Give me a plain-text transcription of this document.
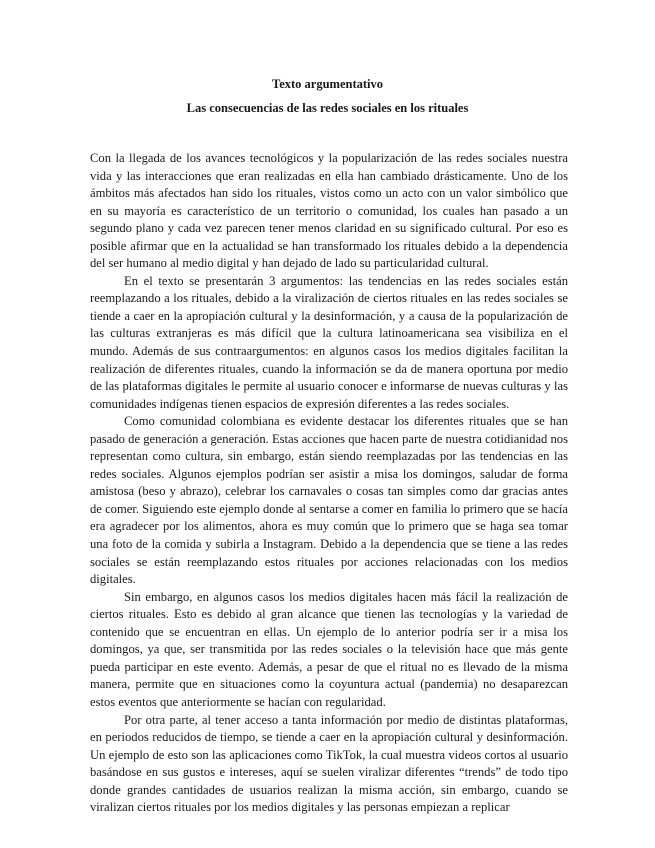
Texto argumentativo
Las consecuencias de las redes sociales en los rituales

Con la llegada de los avances tecnológicos y la popularización de las redes sociales nuestra vida y las interacciones que eran realizadas en ella han cambiado drásticamente. Uno de los ámbitos más afectados han sido los rituales, vistos como un acto con un valor simbólico que en su mayoría es característico de un territorio o comunidad, los cuales han pasado a un segundo plano y cada vez parecen tener menos claridad en su significado cultural. Por eso es posible afirmar que en la actualidad se han transformado los rituales debido a la dependencia del ser humano al medio digital y han dejado de lado su particularidad cultural.

En el texto se presentarán 3 argumentos: las tendencias en las redes sociales están reemplazando a los rituales, debido a la viralización de ciertos rituales en las redes sociales se tiende a caer en la apropiación cultural y la desinformación, y a causa de la popularización de las culturas extranjeras es más difícil que la cultura latinoamericana sea visibiliza en el mundo. Además de sus contraargumentos: en algunos casos los medios digitales facilitan la realización de diferentes rituales, cuando la información se da de manera oportuna por medio de las plataformas digitales le permite al usuario conocer e informarse de nuevas culturas y las comunidades indígenas tienen espacios de expresión diferentes a las redes sociales.

Como comunidad colombiana es evidente destacar los diferentes rituales que se han pasado de generación a generación. Estas acciones que hacen parte de nuestra cotidianidad nos representan como cultura, sin embargo, están siendo reemplazadas por las tendencias en las redes sociales. Algunos ejemplos podrían ser asistir a misa los domingos, saludar de forma amistosa (beso y abrazo), celebrar los carnavales o cosas tan simples como dar gracias antes de comer. Siguiendo este ejemplo donde al sentarse a comer en familia lo primero que se hacía era agradecer por los alimentos, ahora es muy común que lo primero que se haga sea tomar una foto de la comida y subirla a Instagram. Debido a la dependencia que se tiene a las redes sociales se están reemplazando estos rituales por acciones relacionadas con los medios digitales.

Sin embargo, en algunos casos los medios digitales hacen más fácil la realización de ciertos rituales. Esto es debido al gran alcance que tienen las tecnologías y la variedad de contenido que se encuentran en ellas. Un ejemplo de lo anterior podría ser ir a misa los domingos, ya que, ser transmitida por las redes sociales o la televisión hace que más gente pueda participar en este evento. Además, a pesar de que el ritual no es llevado de la misma manera, permite que en situaciones como la coyuntura actual (pandemia) no desaparezcan estos eventos que anteriormente se hacían con regularidad.

Por otra parte, al tener acceso a tanta información por medio de distintas plataformas, en periodos reducidos de tiempo, se tiende a caer en la apropiación cultural y desinformación. Un ejemplo de esto son las aplicaciones como TikTok, la cual muestra videos cortos al usuario basándose en sus gustos e intereses, aquí se suelen viralizar diferentes “trends” de todo tipo donde grandes cantidades de usuarios realizan la misma acción, sin embargo, cuando se viralizan ciertos rituales por los medios digitales y las personas empiezan a replicar
